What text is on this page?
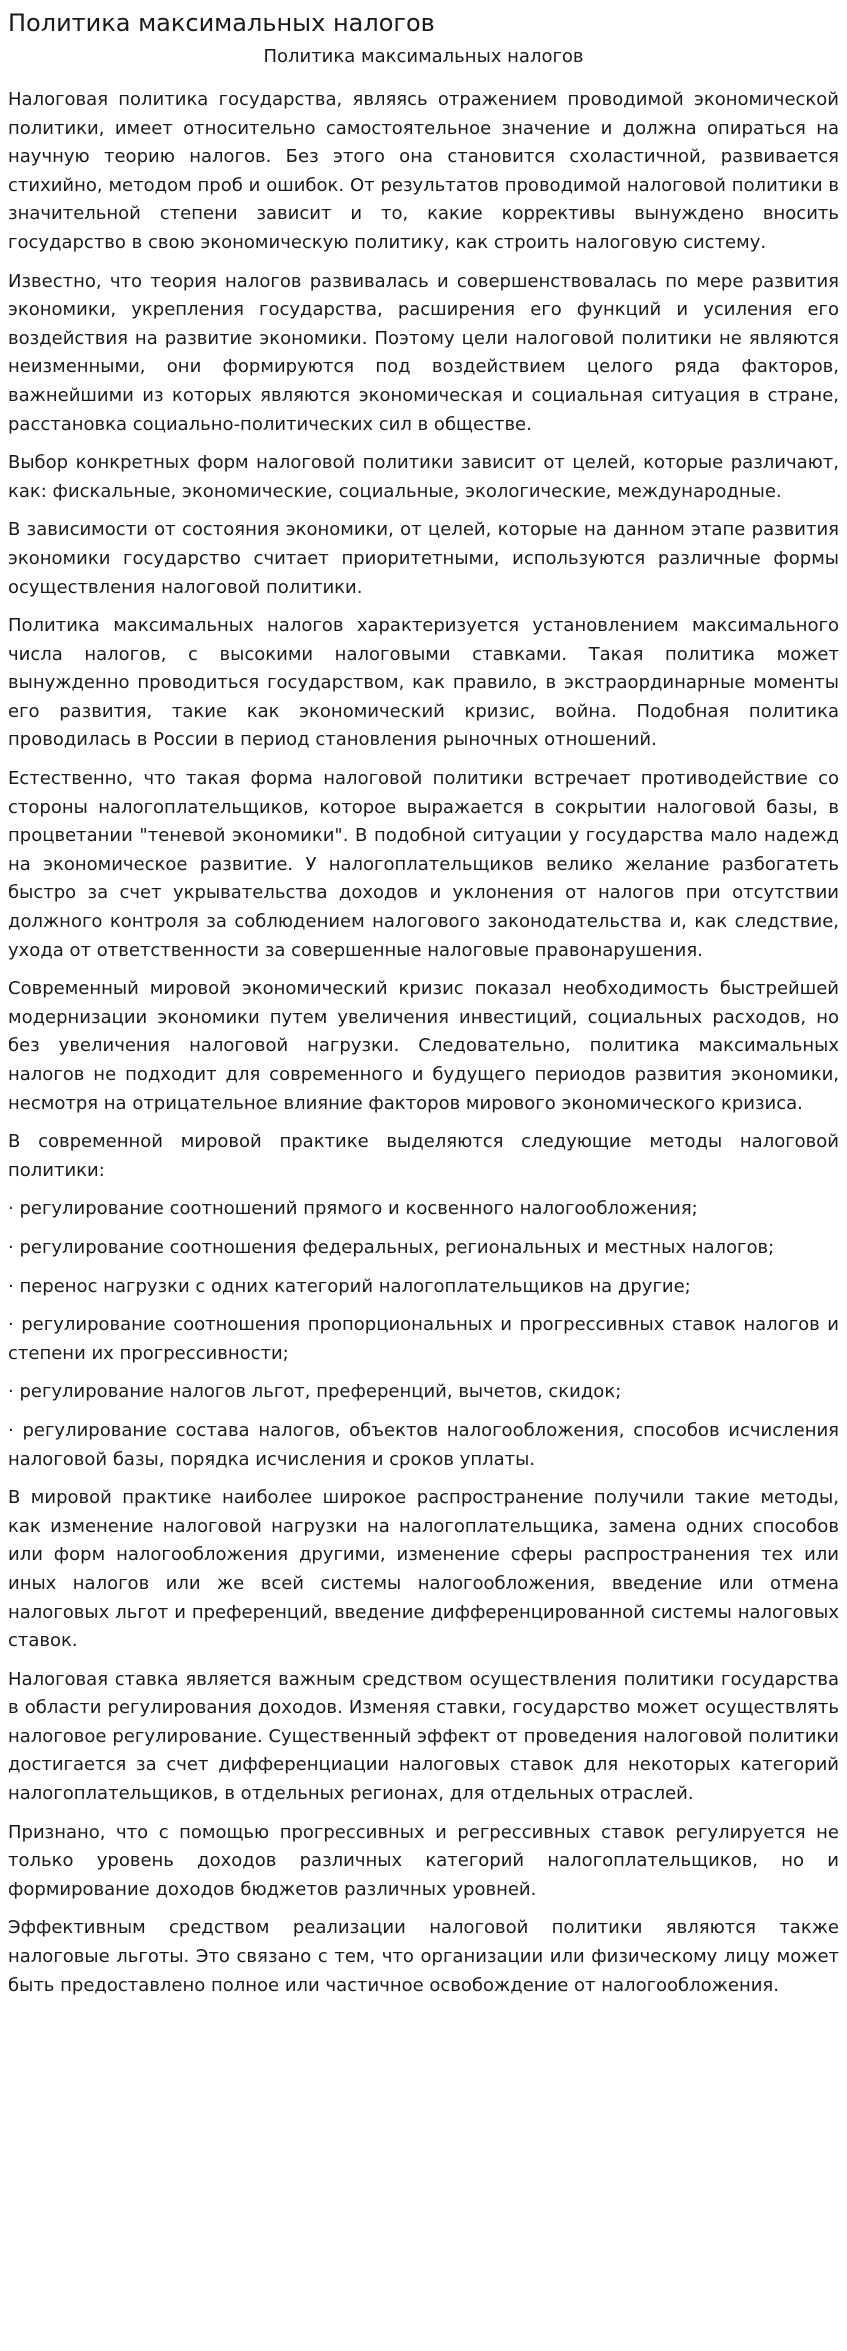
Политика максимальных налогов
Политика максимальных налогов

Налоговая политика государства, являясь отражением проводимой экономической политики, имеет относительно самостоятельное значение и должна опираться на научную теорию налогов. Без этого она становится схоластичной, развивается стихийно, методом проб и ошибок. От результатов проводимой налоговой политики в значительной степени зависит и то, какие коррективы вынуждено вносить государство в свою экономическую политику, как строить налоговую систему.

Известно, что теория налогов развивалась и совершенствовалась по мере развития экономики, укрепления государства, расширения его функций и усиления его воздействия на развитие экономики. Поэтому цели налоговой политики не являются неизменными, они формируются под воздействием целого ряда факторов, важнейшими из которых являются экономическая и социальная ситуация в стране, расстановка социально-политических сил в обществе.

Выбор конкретных форм налоговой политики зависит от целей, которые различают, как: фискальные, экономические, социальные, экологические, международные.

В зависимости от состояния экономики, от целей, которые на данном этапе развития экономики государство считает приоритетными, используются различные формы осуществления налоговой политики.

Политика максимальных налогов характеризуется установлением максимального числа налогов, с высокими налоговыми ставками. Такая политика может вынужденно проводиться государством, как правило, в экстраординарные моменты его развития, такие как экономический кризис, война. Подобная политика проводилась в России в период становления рыночных отношений.

Естественно, что такая форма налоговой политики встречает противодействие со стороны налогоплательщиков, которое выражается в сокрытии налоговой базы, в процветании "теневой экономики". В подобной ситуации у государства мало надежд на экономическое развитие. У налогоплательщиков велико желание разбогатеть быстро за счет укрывательства доходов и уклонения от налогов при отсутствии должного контроля за соблюдением налогового законодательства и, как следствие, ухода от ответственности за совершенные налоговые правонарушения.

Современный мировой экономический кризис показал необходимость быстрейшей модернизации экономики путем увеличения инвестиций, социальных расходов, но без увеличения налоговой нагрузки. Следовательно, политика максимальных налогов не подходит для современного и будущего периодов развития экономики, несмотря на отрицательное влияние факторов мирового экономического кризиса.

В современной мировой практике выделяются следующие методы налоговой политики:

· регулирование соотношений прямого и косвенного налогообложения;

· регулирование соотношения федеральных, региональных и местных налогов;

· перенос нагрузки с одних категорий налогоплательщиков на другие;

· регулирование соотношения пропорциональных и прогрессивных ставок налогов и степени их прогрессивности;

· регулирование налогов льгот, преференций, вычетов, скидок;

· регулирование состава налогов, объектов налогообложения, способов исчисления налоговой базы, порядка исчисления и сроков уплаты.

В мировой практике наиболее широкое распространение получили такие методы, как изменение налоговой нагрузки на налогоплательщика, замена одних способов или форм налогообложения другими, изменение сферы распространения тех или иных налогов или же всей системы налогообложения, введение или отмена налоговых льгот и преференций, введение дифференцированной системы налоговых ставок.

Налоговая ставка является важным средством осуществления политики государства в области регулирования доходов. Изменяя ставки, государство может осуществлять налоговое регулирование. Существенный эффект от проведения налоговой политики достигается за счет дифференциации налоговых ставок для некоторых категорий налогоплательщиков, в отдельных регионах, для отдельных отраслей.

Признано, что с помощью прогрессивных и регрессивных ставок регулируется не только уровень доходов различных категорий налогоплательщиков, но и формирование доходов бюджетов различных уровней.

Эффективным средством реализации налоговой политики являются также налоговые льготы. Это связано с тем, что организации или физическому лицу может быть предоставлено полное или частичное освобождение от налогообложения.
